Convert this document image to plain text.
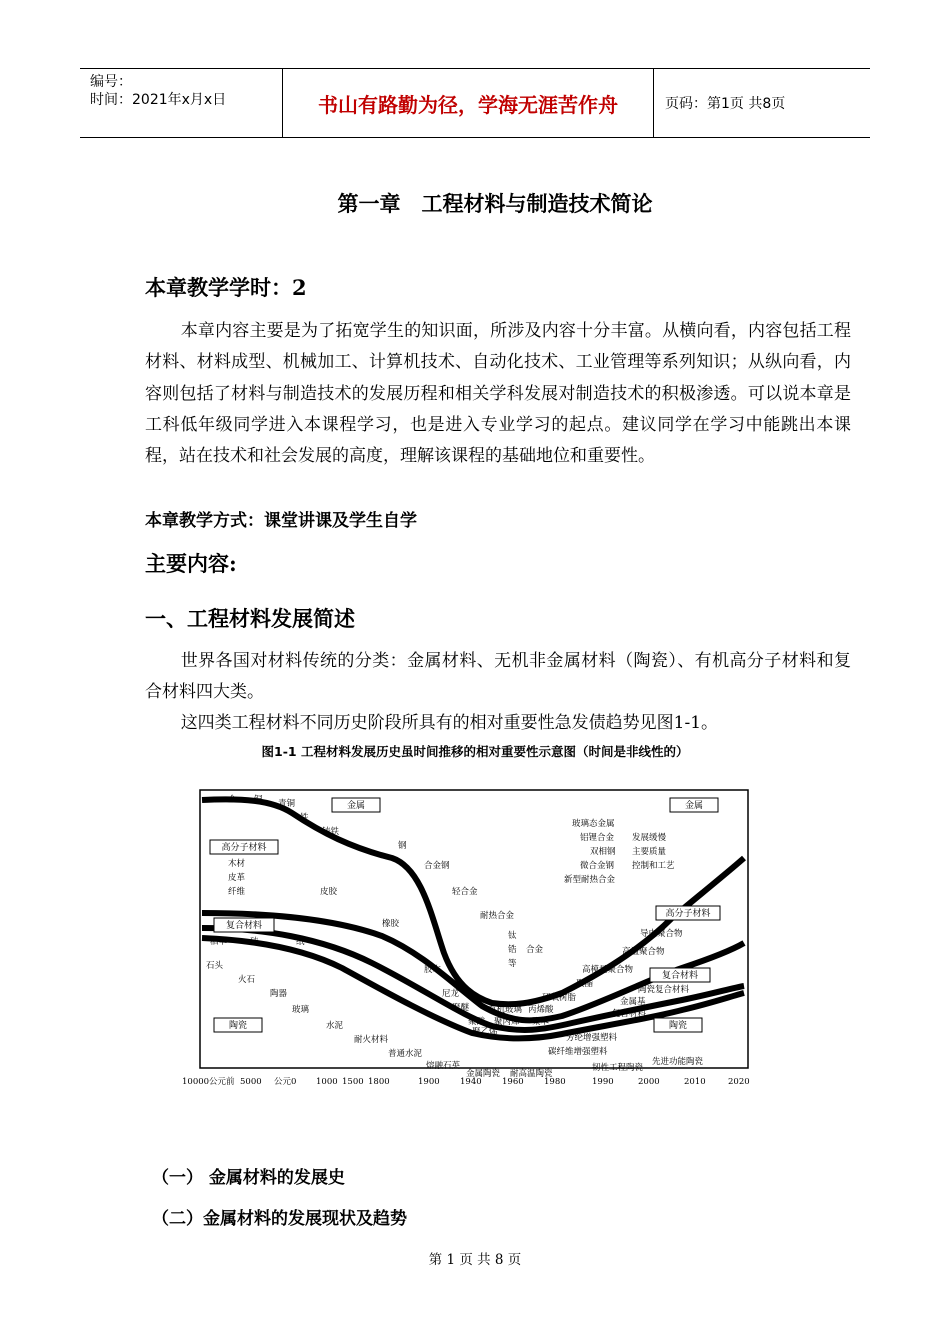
编号：
时间：2021年x月x日	书山有路勤为径，学海无涯苦作舟	页码：第1页 共8页
第一章　工程材料与制造技术简论
本章教学学时：2
本章内容主要是为了拓宽学生的知识面，所涉及内容十分丰富。从横向看，内容包括工程材料、材料成型、机械加工、计算机技术、自动化技术、工业管理等系列知识；从纵向看，内容则包括了材料与制造技术的发展历程和相关学科发展对制造技术的积极渗透。可以说本章是工科低年级同学进入本课程学习，也是进入专业学习的起点。建议同学在学习中能跳出本课程，站在技术和社会发展的高度，理解该课程的基础地位和重要性。
本章教学方式：课堂讲课及学生自学
主要内容:
一、工程材料发展简述
世界各国对材料传统的分类：金属材料、无机非金属材料（陶瓷）、有机高分子材料和复合材料四大类。
这四类工程材料不同历史阶段所具有的相对重要性急发债趋势见图1-1。
图1-1 工程材料发展历史虽时间推移的相对重要性示意图（时间是非线性的）
金属	金属
高分子材料
高分子材料
复合材料
复合材料
陶瓷	陶瓷
金 铜 青铜
铁
铸铁
钢
合金钢
轻合金
耐热合金
钛
锆
等
合金
木材
皮革
纤维	皮胶
橡胶
胶木
尼龙
聚醚
聚酸 聚丙烯 聚苯
有机玻璃
聚乙烯
环氧树脂
丙烯酸
聚酯
高模量聚合物
高温聚合物
导电聚合物
稻草	砖	纸
石头
火石
陶器
玻璃
水泥
耐火材料
普通水泥
熔融石英
金属陶瓷 耐高温陶瓷
芳纶增强塑料
碳纤维增强塑料
韧性工程陶瓷
先进功能陶瓷
陶瓷复合材料
金属基
复合材料
玻璃态金属
铝锂合金
双相钢
微合金钢
新型耐热合金
发展缓慢
主要质量
控制和工艺
10000公元前 5000 公元0 1000 1500 1800	1900 1940 1960 1980	1990	2000	2010	2020
（一） 金属材料的发展史
（二）金属材料的发展现状及趋势
第 1 页 共 8 页
